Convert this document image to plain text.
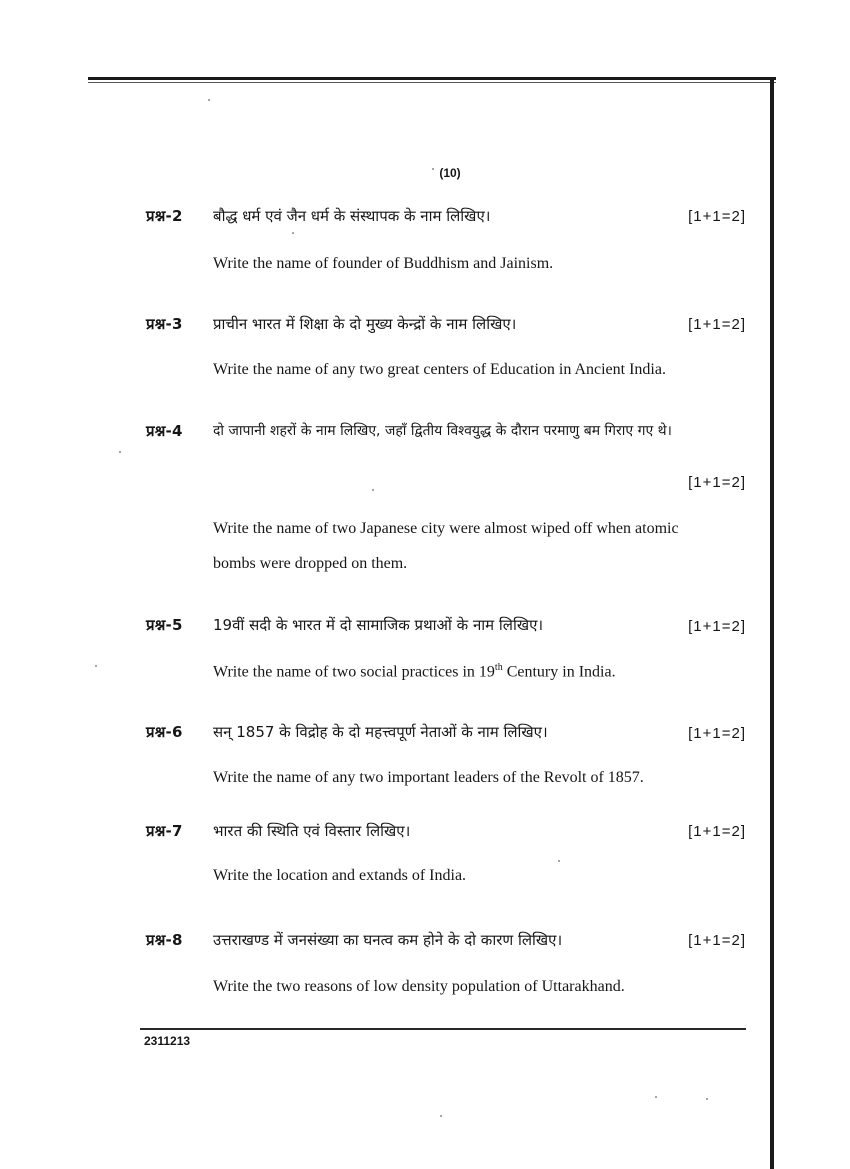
(10)
प्रश्न-2 बौद्ध धर्म एवं जैन धर्म के संस्थापक के नाम लिखिए।	[1+1=2]
Write the name of founder of Buddhism and Jainism.
प्रश्न-3 प्राचीन भारत में शिक्षा के दो मुख्य केन्द्रों के नाम लिखिए।	[1+1=2]
Write the name of any two great centers of Education in Ancient India.
प्रश्न-4 दो जापानी शहरों के नाम लिखिए, जहाँ द्वितीय विश्वयुद्ध के दौरान परमाणु बम गिराए गए थे।
[1+1=2]
Write the name of two Japanese city were almost wiped off when atomic
bombs were dropped on them.
प्रश्न-5 19वीं सदी के भारत में दो सामाजिक प्रथाओं के नाम लिखिए।	[1+1=2]
Write the name of two social practices in 19th Century in India.
प्रश्न-6 सन् 1857 के विद्रोह के दो महत्त्वपूर्ण नेताओं के नाम लिखिए।	[1+1=2]
Write the name of any two important leaders of the Revolt of 1857.
प्रश्न-7 भारत की स्थिति एवं विस्तार लिखिए।	[1+1=2]
Write the location and extands of India.
प्रश्न-8 उत्तराखण्ड में जनसंख्या का घनत्व कम होने के दो कारण लिखिए।	[1+1=2]
Write the two reasons of low density population of Uttarakhand.
2311213
